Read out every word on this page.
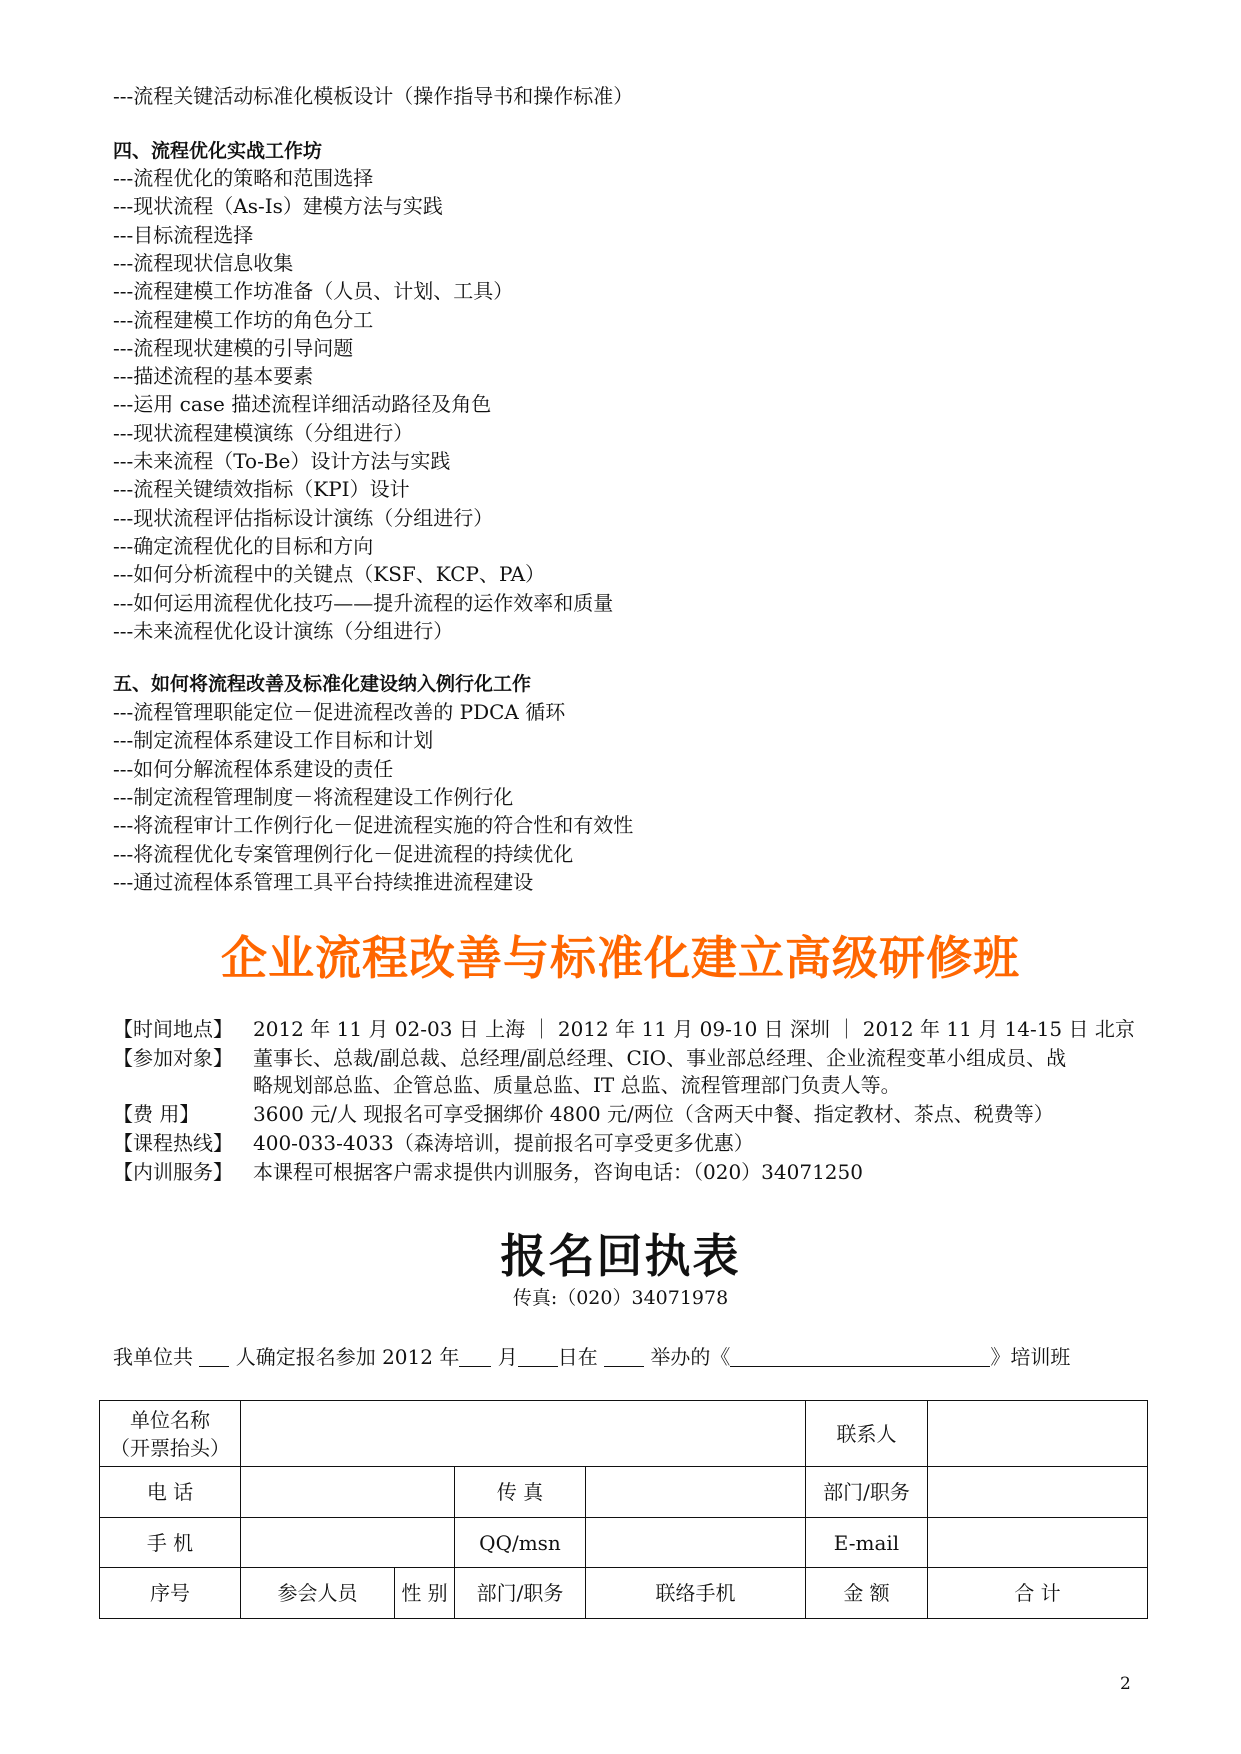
---流程关键活动标准化模板设计（操作指导书和操作标准）
四、流程优化实战工作坊
---流程优化的策略和范围选择
---现状流程（As-Is）建模方法与实践
---目标流程选择
---流程现状信息收集
---流程建模工作坊准备（人员、计划、工具）
---流程建模工作坊的角色分工
---流程现状建模的引导问题
---描述流程的基本要素
---运用 case 描述流程详细活动路径及角色
---现状流程建模演练（分组进行）
---未来流程（To-Be）设计方法与实践
---流程关键绩效指标（KPI）设计
---现状流程评估指标设计演练（分组进行）
---确定流程优化的目标和方向
---如何分析流程中的关键点（KSF、KCP、PA）
---如何运用流程优化技巧——提升流程的运作效率和质量
---未来流程优化设计演练（分组进行）
五、如何将流程改善及标准化建设纳入例行化工作
---流程管理职能定位－促进流程改善的 PDCA 循环
---制定流程体系建设工作目标和计划
---如何分解流程体系建设的责任
---制定流程管理制度－将流程建设工作例行化
---将流程审计工作例行化－促进流程实施的符合性和有效性
---将流程优化专案管理例行化－促进流程的持续优化
---通过流程体系管理工具平台持续推进流程建设
企业流程改善与标准化建立高级研修班
【时间地点】 2012 年 11 月 02-03 日 上海 ｜ 2012 年 11 月 09-10 日 深圳 ｜ 2012 年 11 月 14-15 日 北京
【参加对象】 董事长、总裁/副总裁、总经理/副总经理、CIO、事业部总经理、企业流程变革小组成员、战
略规划部总监、企管总监、质量总监、IT 总监、流程管理部门负责人等。
【费 用】	3600 元/人 现报名可享受捆绑价 4800 元/两位（含两天中餐、指定教材、茶点、税费等）
【课程热线】 400-033-4033（森涛培训，提前报名可享受更多优惠）
【内训服务】 本课程可根据客户需求提供内训服务，咨询电话：（020）34071250
报名回执表
传真:（020）34071978
我单位共 人确定报名参加 2012 年 月 日在	举办的《	》培训班
单位名称
（开票抬头）					联系人	
电 话			传 真		部门/职务	
手 机			QQ/msn		E-mail	
序号	参会人员	性 别	部门/职务	联络手机	金 额	合 计
2
